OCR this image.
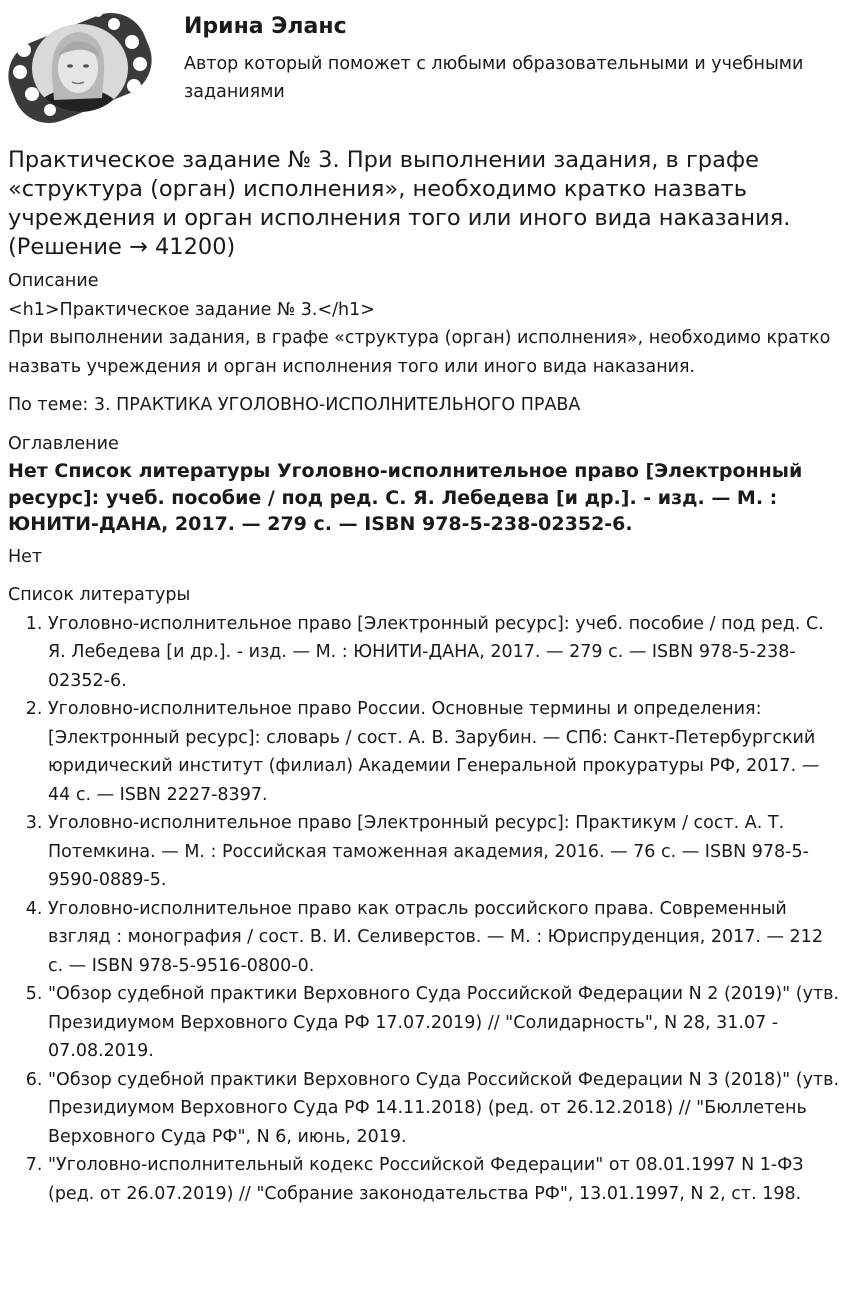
Ирина Эланс

Автор который поможет с любыми образовательными и учебными заданиями

Практическое задание № 3. При выполнении задания, в графе «структура (орган) исполнения», необходимо кратко назвать учреждения и орган исполнения того или иного вида наказания. (Решение → 41200)

Описание

<h1>Практическое задание № 3.</h1>

При выполнении задания, в графе «структура (орган) исполнения», необходимо кратко назвать учреждения и орган исполнения того или иного вида наказания.

По теме: 3. ПРАКТИКА УГОЛОВНО-ИСПОЛНИТЕЛЬНОГО ПРАВА

Оглавление

Нет Список литературы Уголовно-исполнительное право [Электронный ресурс]: учеб. пособие / под ред. С. Я. Лебедева [и др.]. - изд. — М. : ЮНИТИ-ДАНА, 2017. — 279 с. — ISBN 978-5-238-02352-6.

Нет

Список литературы

1. Уголовно-исполнительное право [Электронный ресурс]: учеб. пособие / под ред. С. Я. Лебедева [и др.]. - изд. — М. : ЮНИТИ-ДАНА, 2017. — 279 с. — ISBN 978-5-238-02352-6.
2. Уголовно-исполнительное право России. Основные термины и определения: [Электронный ресурс]: словарь / сост. А. В. Зарубин. — СПб: Санкт-Петербургский юридический институт (филиал) Академии Генеральной прокуратуры РФ, 2017. — 44 с. — ISBN 2227-8397.
3. Уголовно-исполнительное право [Электронный ресурс]: Практикум / сост. А. Т. Потемкина. — М. : Российская таможенная академия, 2016. — 76 с. — ISBN 978-5-9590-0889-5.
4. Уголовно-исполнительное право как отрасль российского права. Современный взгляд : монография / сост. В. И. Селиверстов. — М. : Юриспруденция, 2017. — 212 с. — ISBN 978-5-9516-0800-0.
5. "Обзор судебной практики Верховного Суда Российской Федерации N 2 (2019)" (утв. Президиумом Верховного Суда РФ 17.07.2019) // "Солидарность", N 28, 31.07 - 07.08.2019.
6. "Обзор судебной практики Верховного Суда Российской Федерации N 3 (2018)" (утв. Президиумом Верховного Суда РФ 14.11.2018) (ред. от 26.12.2018) // "Бюллетень Верховного Суда РФ", N 6, июнь, 2019.
7. "Уголовно-исполнительный кодекс Российской Федерации" от 08.01.1997 N 1-ФЗ (ред. от 26.07.2019) // "Собрание законодательства РФ", 13.01.1997, N 2, ст. 198.
